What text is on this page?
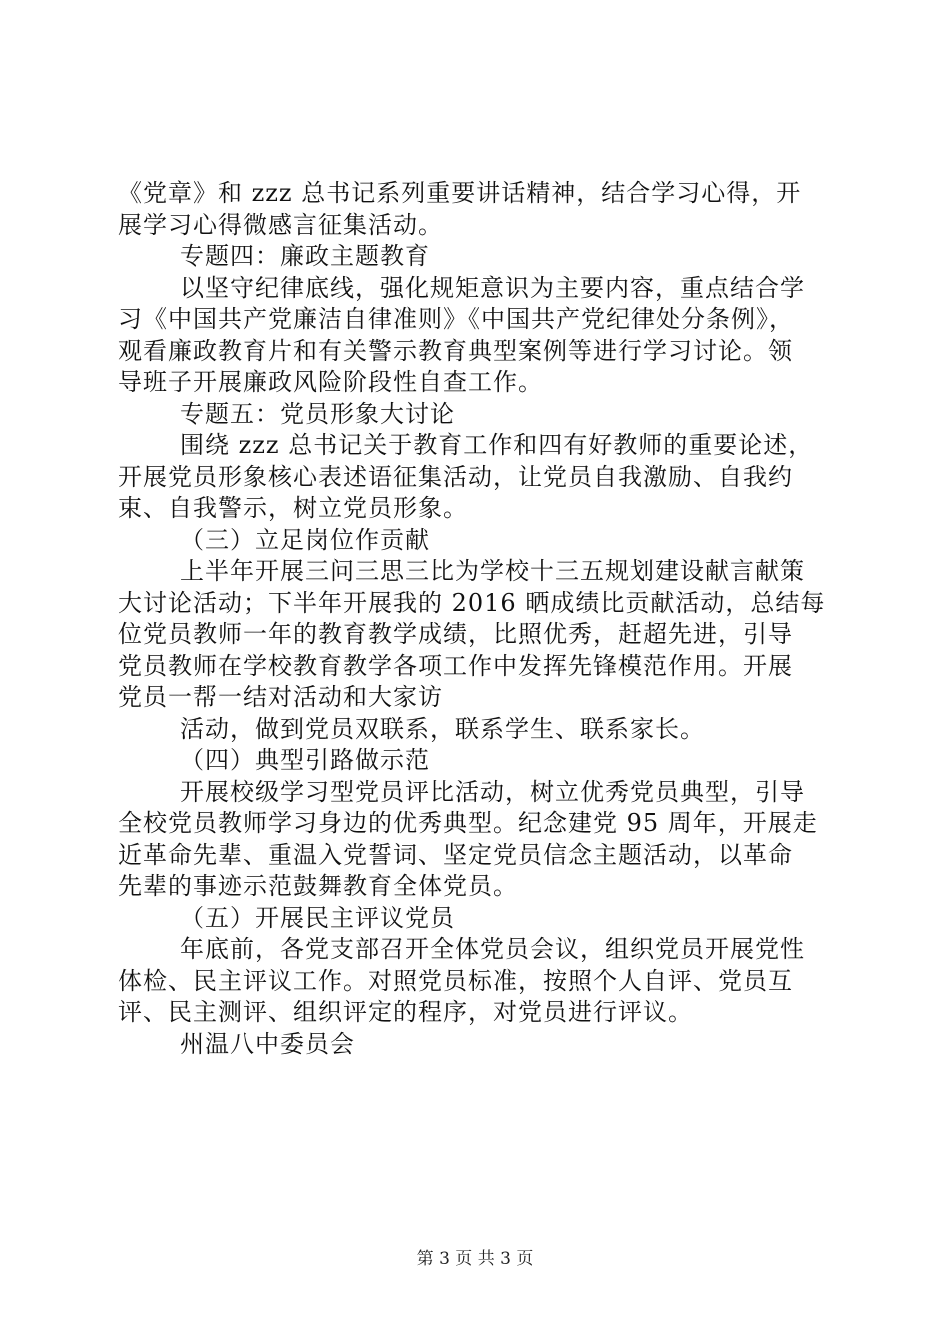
《党章》和 zzz 总书记系列重要讲话精神，结合学习心得，开
展学习心得微感言征集活动。
专题四：廉政主题教育
以坚守纪律底线，强化规矩意识为主要内容，重点结合学
习《中国共产党廉洁自律准则》《中国共产党纪律处分条例》，
观看廉政教育片和有关警示教育典型案例等进行学习讨论。领
导班子开展廉政风险阶段性自查工作。
专题五：党员形象大讨论
围绕 zzz 总书记关于教育工作和四有好教师的重要论述，
开展党员形象核心表述语征集活动，让党员自我激励、自我约
束、自我警示，树立党员形象。
（三）立足岗位作贡献
上半年开展三问三思三比为学校十三五规划建设献言献策
大讨论活动；下半年开展我的 2016 晒成绩比贡献活动，总结每
位党员教师一年的教育教学成绩，比照优秀，赶超先进，引导
党员教师在学校教育教学各项工作中发挥先锋模范作用。开展
党员一帮一结对活动和大家访
活动，做到党员双联系，联系学生、联系家长。
（四）典型引路做示范
开展校级学习型党员评比活动，树立优秀党员典型，引导
全校党员教师学习身边的优秀典型。纪念建党 95 周年，开展走
近革命先辈、重温入党誓词、坚定党员信念主题活动，以革命
先辈的事迹示范鼓舞教育全体党员。
（五）开展民主评议党员
年底前，各党支部召开全体党员会议，组织党员开展党性
体检、民主评议工作。对照党员标准，按照个人自评、党员互
评、民主测评、组织评定的程序，对党员进行评议。
州温八中委员会
第 3 页 共 3 页
